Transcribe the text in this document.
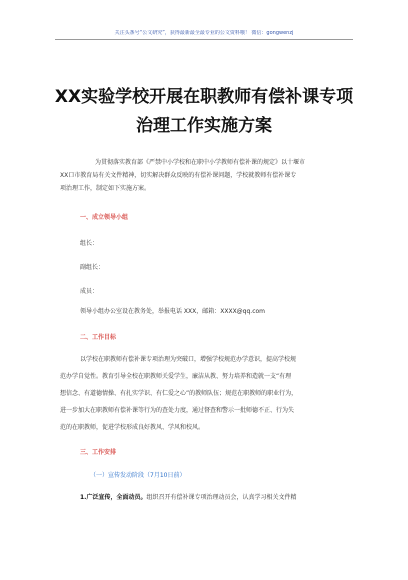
关注头条号“公文研究”，获得最新最全最专业的公文资料哦！ 微信：gongwenzj
XX实验学校开展在职教师有偿补课专项
治理工作实施方案
为贯彻落实教育部《严禁中小学校和在职中小学教师有偿补课的规定》以十堰市
XX口市教育局有关文件精神，切实解决群众反映的有偿补课问题，学校就教师有偿补课专
项治理工作，制定如下实施方案。
一、成立领导小组
组长：
副组长：
成员：
领导小组办公室设在教务处，举报电话 XXX，邮箱：XXXX@qq.com
二、工作目标
以学校在职教师有偿补课专项治理为突破口，增强学校规范办学意识，提高学校规
范办学自觉性。教育引导全校在职教师关爱学生，廉洁从教、努力培养和造就一支“有理
想信念、有道德情操、有扎实学识、有仁爱之心”的教师队伍；规范在职教师的职业行为，
进一步加大在职教师有偿补课等行为的查处力度，通过督查和警示一批师德不正、行为失
范的在职教师，促进学校形成良好教风、学风和校风。
三、工作安排
（一）宣传发动阶段（7月10日前）
1.广泛宣传，全面动员。组织召开有偿补课专项治理动员会，认真学习相关文件精
